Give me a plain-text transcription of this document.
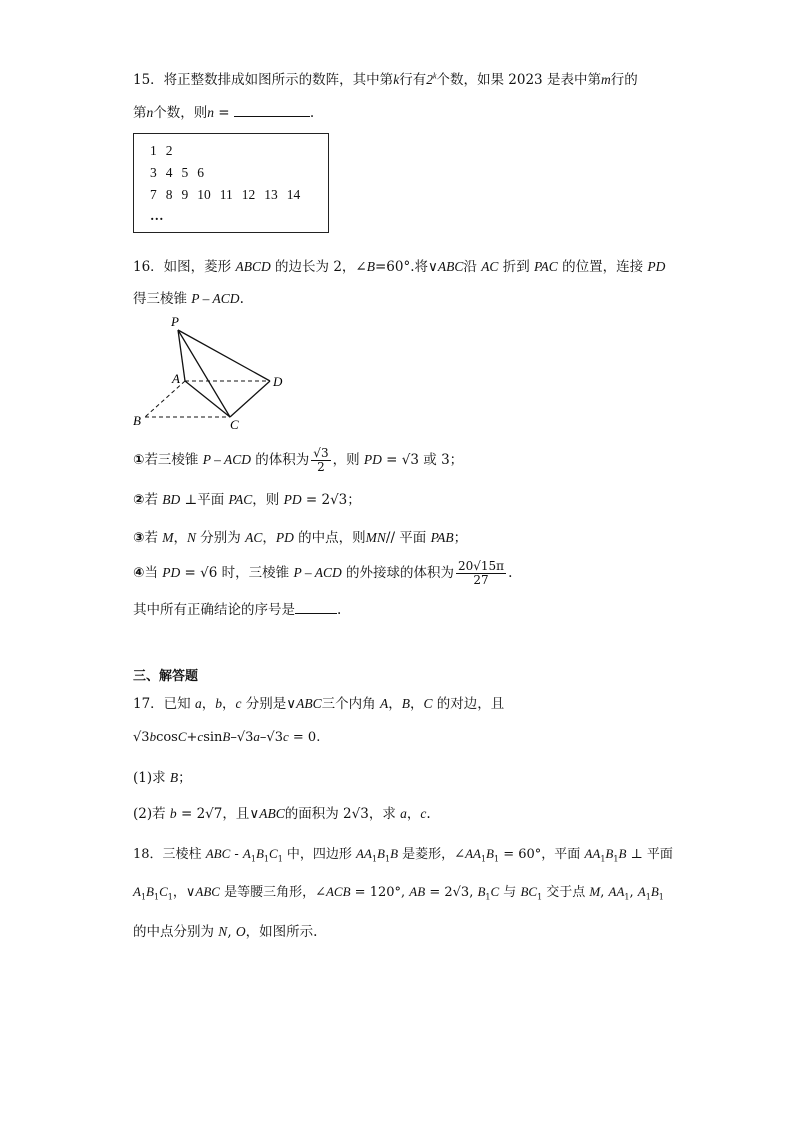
15．将正整数排成如图所示的数阵，其中第k行有2$^k$个数，如果 2023 是表中第m行的
第n个数，则n =	.
1 2
3 4 5 6
7 8 9 10 11 12 13 14
…
16．如图，菱形 ABCD 的边长为 2，∠B=60°.将∨ABC沿 AC 折到 PAC 的位置，连接 PD
得三棱锥 P – ACD.
P
A	D
B	C
①若三棱锥 P – ACD 的体积为 $\frac{√3}{2}$ ，则 PD = √3 或 3；
②若 BD ⊥平面 PAC，则 PD = 2√3；
③若 M，N 分别为 AC，PD 的中点，则MN// 平面 PAB；
④当 PD = √6 时，三棱锥 P – ACD 的外接球的体积为 $\frac{20√15\pi}{27}$ .
其中所有正确结论的序号是	.
三、解答题
17．已知 a，b，c 分别是∨ABC三个内角 A，B，C 的对边，且
√3bcosC+csinB–√3a–√3c = 0.
(1)求 B；
(2)若 b = 2√7，且∨ABC的面积为 2√3，求 a，c.
18．三棱柱 ABC - $A_1B_1C_1$ 中，四边形 $AA_1B_1B$ 是菱形，$\angle AA_1B_1 = 60^\circ$，平面 $AA_1B_1B$ ⊥ 平面
$A_1B_1C_1$，∨ABC 是等腰三角形，∠ACB = 120°, AB = 2√3, $B_1C$ 与 $BC_1$ 交于点 M, $AA_1$, $A_1B_1$
的中点分别为 N, O，如图所示.
